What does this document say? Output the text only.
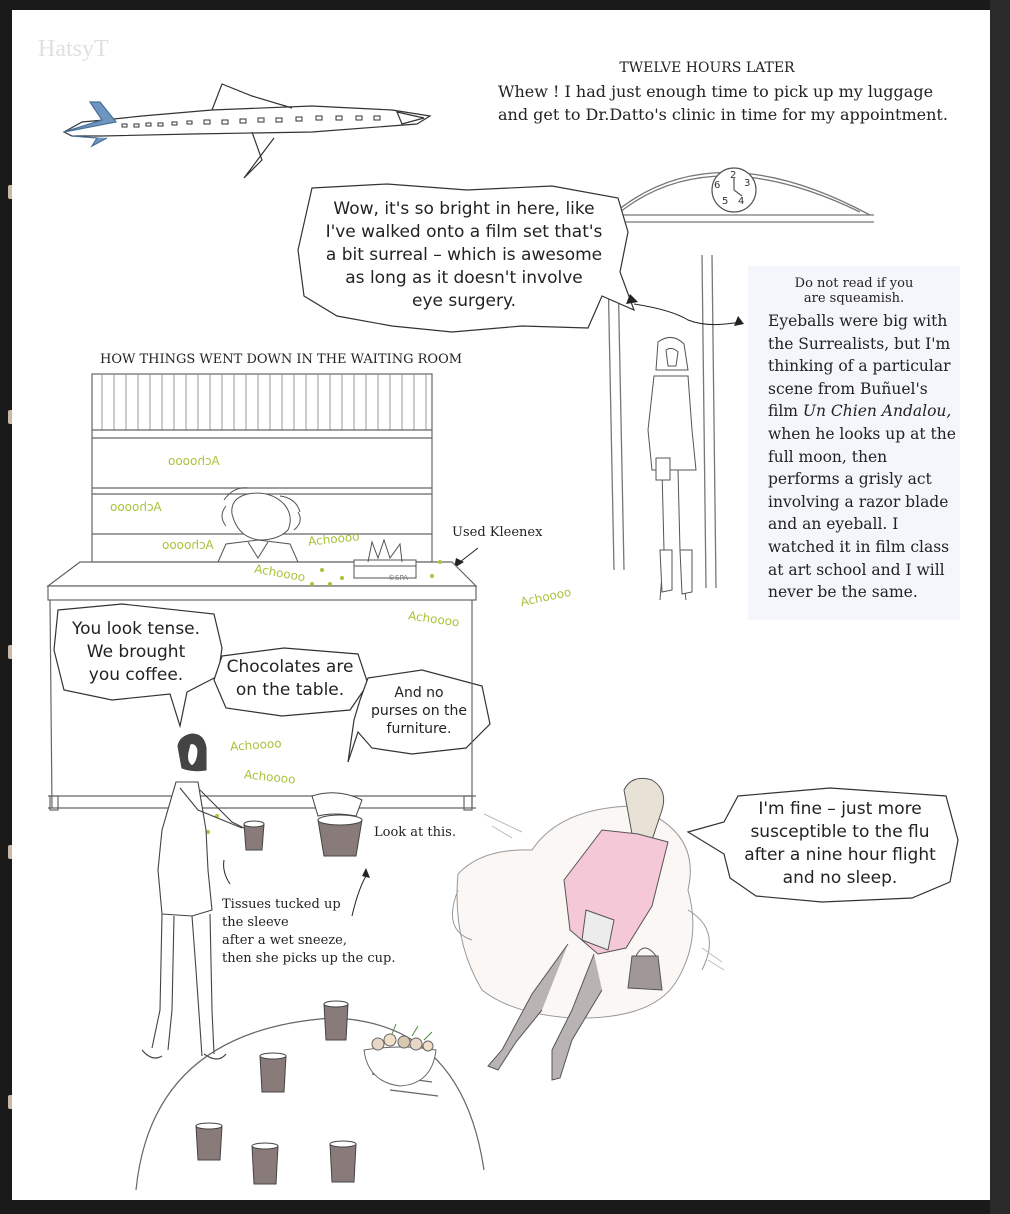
HatsyT
TWELVE HOURS LATER
Whew ! I had just enough time to pick up my luggage
and get to Dr.Datto's clinic in time for my appointment.
6
2
3
5 4
Wow, it's so bright in here, like
I've walked onto a film set that's
a bit surreal – which is awesome
as long as it doesn't involve
eye surgery.
HOW THINGS WENT DOWN IN THE WAITING ROOM
Do not read if you
are squeamish.
Eyeballs were big with the Surrealists, but I'm thinking of a particular scene from Buñuel's film Un Chien Andalou, when he looks up at the full moon, then performs a grisly act involving a razor blade and an eyeball. I watched it in film class at art school and I will never be the same.
Achoooo
Achoooo
Achoooo	Achoooo
Achoooo
Achoooo
Achoooo
Achoooo
Achoooo
©SPA
Used Kleenex
You look tense.
We brought
you coffee.	Chocolates are
on the table.	And no
purses on the
furniture.
Look at this.
Tissues tucked up
the sleeve
after a wet sneeze,
then she picks up the cup.
I'm fine – just more
susceptible to the flu
after a nine hour flight
and no sleep.
